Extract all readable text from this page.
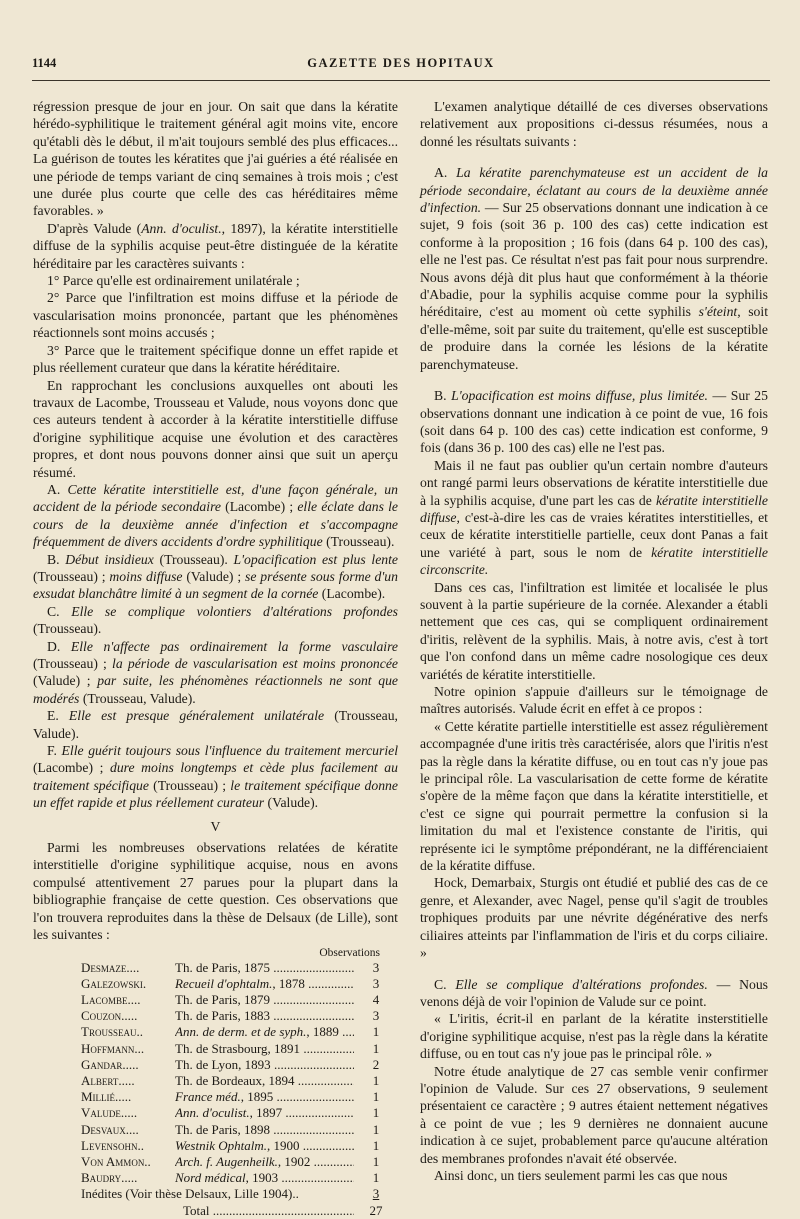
1144	GAZETTE DES HOPITAUX

régression presque de jour en jour. On sait que dans la kératite hérédo-syphilitique le traitement général agit moins vite, encore qu'établi dès le début, il m'ait toujours semblé des plus efficaces... La guérison de toutes les kératites que j'ai guéries a été réalisée en une période de temps variant de cinq semaines à trois mois ; c'est une durée plus courte que celle des cas héréditaires même favorables. »

D'après Valude (Ann. d'oculist., 1897), la kératite interstitielle diffuse de la syphilis acquise peut-être distinguée de la kératite héréditaire par les caractères suivants :

1° Parce qu'elle est ordinairement unilatérale ;

2° Parce que l'infiltration est moins diffuse et la période de vascularisation moins prononcée, partant que les phénomènes réactionnels sont moins accusés ;

3° Parce que le traitement spécifique donne un effet rapide et plus réellement curateur que dans la kératite héréditaire.

En rapprochant les conclusions auxquelles ont abouti les travaux de Lacombe, Trousseau et Valude, nous voyons donc que ces auteurs tendent à accorder à la kératite interstitielle diffuse d'origine syphilitique acquise une évolution et des caractères propres, et dont nous pouvons donner ainsi que suit un aperçu résumé.

A. Cette kératite interstitielle est, d'une façon générale, un accident de la période secondaire (Lacombe) ; elle éclate dans le cours de la deuxième année d'infection et s'accompagne fréquemment de divers accidents d'ordre syphilitique (Trousseau).

B. Début insidieux (Trousseau). L'opacification est plus lente (Trousseau) ; moins diffuse (Valude) ; se présente sous forme d'un exsudat blanchâtre limité à un segment de la cornée (Lacombe).

C. Elle se complique volontiers d'altérations profondes (Trousseau).

D. Elle n'affecte pas ordinairement la forme vasculaire (Trousseau) ; la période de vascularisation est moins prononcée (Valude) ; par suite, les phénomènes réactionnels ne sont que modérés (Trousseau, Valude).

E. Elle est presque généralement unilatérale (Trousseau, Valude).

F. Elle guérit toujours sous l'influence du traitement mercuriel (Lacombe) ; dure moins longtemps et cède plus facilement au traitement spécifique (Trousseau) ; le traitement spécifique donne un effet rapide et plus réellement curateur (Valude).

V

Parmi les nombreuses observations relatées de kératite interstitielle d'origine syphilitique acquise, nous en avons compulsé attentivement 27 parues pour la plupart dans la bibliographie française de cette question. Ces observations que l'on trouvera reproduites dans la thèse de Delsaux (de Lille), sont les suivantes :

Observations
Desmaze....	Th. de Paris, 1875 .....	3
Galezowski.	Recueil d'ophtalm., 1878 .....	3
Lacombe....	Th. de Paris, 1879 .....	4
Couzon.....	Th. de Paris, 1883 .....	3
Trousseau..	Ann. de derm. et de syph., 1889 .....	1
Hoffmann...	Th. de Strasbourg, 1891 .....	1
Gandar.....	Th. de Lyon, 1893 .....	2
Albert.....	Th. de Bordeaux, 1894 .....	1
Millié.....	France méd., 1895 .....	1
Valude.....	Ann. d'oculist., 1897 .....	1
Desvaux....	Th. de Paris, 1898 .....	1
Levensohn..	Westnik Ophtalm., 1900 .....	1
Von Ammon..	Arch. f. Augenheilk., 1902 .....	1
Baudry.....	Nord médical, 1903 .....	1
Inédites (Voir thèse Delsaux, Lille 1904)..	3
Total .....	27

L'examen analytique détaillé de ces diverses observations relativement aux propositions ci-dessus résumées, nous a donné les résultats suivants :

A. La kératite parenchymateuse est un accident de la période secondaire, éclatant au cours de la deuxième année d'infection. — Sur 25 observations donnant une indication à ce sujet, 9 fois (soit 36 p. 100 des cas) cette indication est conforme à la proposition ; 16 fois (dans 64 p. 100 des cas), elle ne l'est pas. Ce résultat n'est pas fait pour nous surprendre. Nous avons déjà dit plus haut que conformément à la théorie d'Abadie, pour la syphilis acquise comme pour la syphilis héréditaire, c'est au moment où cette syphilis s'éteint, soit d'elle-même, soit par suite du traitement, qu'elle est susceptible de produire dans la cornée les lésions de la kératite parenchymateuse.

B. L'opacification est moins diffuse, plus limitée. — Sur 25 observations donnant une indication à ce point de vue, 16 fois (soit dans 64 p. 100 des cas) cette indication est conforme, 9 fois (dans 36 p. 100 des cas) elle ne l'est pas.

Mais il ne faut pas oublier qu'un certain nombre d'auteurs ont rangé parmi leurs observations de kératite interstitielle due à la syphilis acquise, d'une part les cas de kératite interstitielle diffuse, c'est-à-dire les cas de vraies kératites interstitielles, et ceux de kératite interstitielle partielle, ceux dont Panas a fait une variété à part, sous le nom de kératite interstitielle circonscrite.

Dans ces cas, l'infiltration est limitée et localisée le plus souvent à la partie supérieure de la cornée. Alexander a établi nettement que ces cas, qui se compliquent ordinairement d'iritis, relèvent de la syphilis. Mais, à notre avis, c'est à tort que l'on confond dans un même cadre nosologique ces deux variétés de kératite interstitielle.

Notre opinion s'appuie d'ailleurs sur le témoignage de maîtres autorisés. Valude écrit en effet à ce propos :

« Cette kératite partielle interstitielle est assez régulièrement accompagnée d'une iritis très caractérisée, alors que l'iritis n'est pas la règle dans la kératite diffuse, ou en tout cas n'y joue pas le principal rôle. La vascularisation de cette forme de kératite s'opère de la même façon que dans la kératite interstitielle, et c'est ce signe qui pourrait permettre la confusion si la limitation du mal et l'existence constante de l'iritis, qui représente ici le symptôme prépondérant, ne la différenciaient de la kératite diffuse.

Hock, Demarbaix, Sturgis ont étudié et publié des cas de ce genre, et Alexander, avec Nagel, pense qu'il s'agit de troubles trophiques produits par une névrite dégénérative des nerfs ciliaires atteints par l'inflammation de l'iris et du corps ciliaire. »

C. Elle se complique d'altérations profondes. — Nous venons déjà de voir l'opinion de Valude sur ce point.

« L'iritis, écrit-il en parlant de la kératite insterstitielle d'origine syphilitique acquise, n'est pas la règle dans la kératite diffuse, ou en tout cas n'y joue pas le principal rôle. »

Notre étude analytique de 27 cas semble venir confirmer l'opinion de Valude. Sur ces 27 observations, 9 seulement présentaient ce caractère ; 9 autres étaient nettement négatives à ce point de vue ; les 9 dernières ne donnaient aucune indication à ce sujet, probablement parce qu'aucune altération des membranes profondes n'avait été observée.

Ainsi donc, un tiers seulement parmi les cas que nous
